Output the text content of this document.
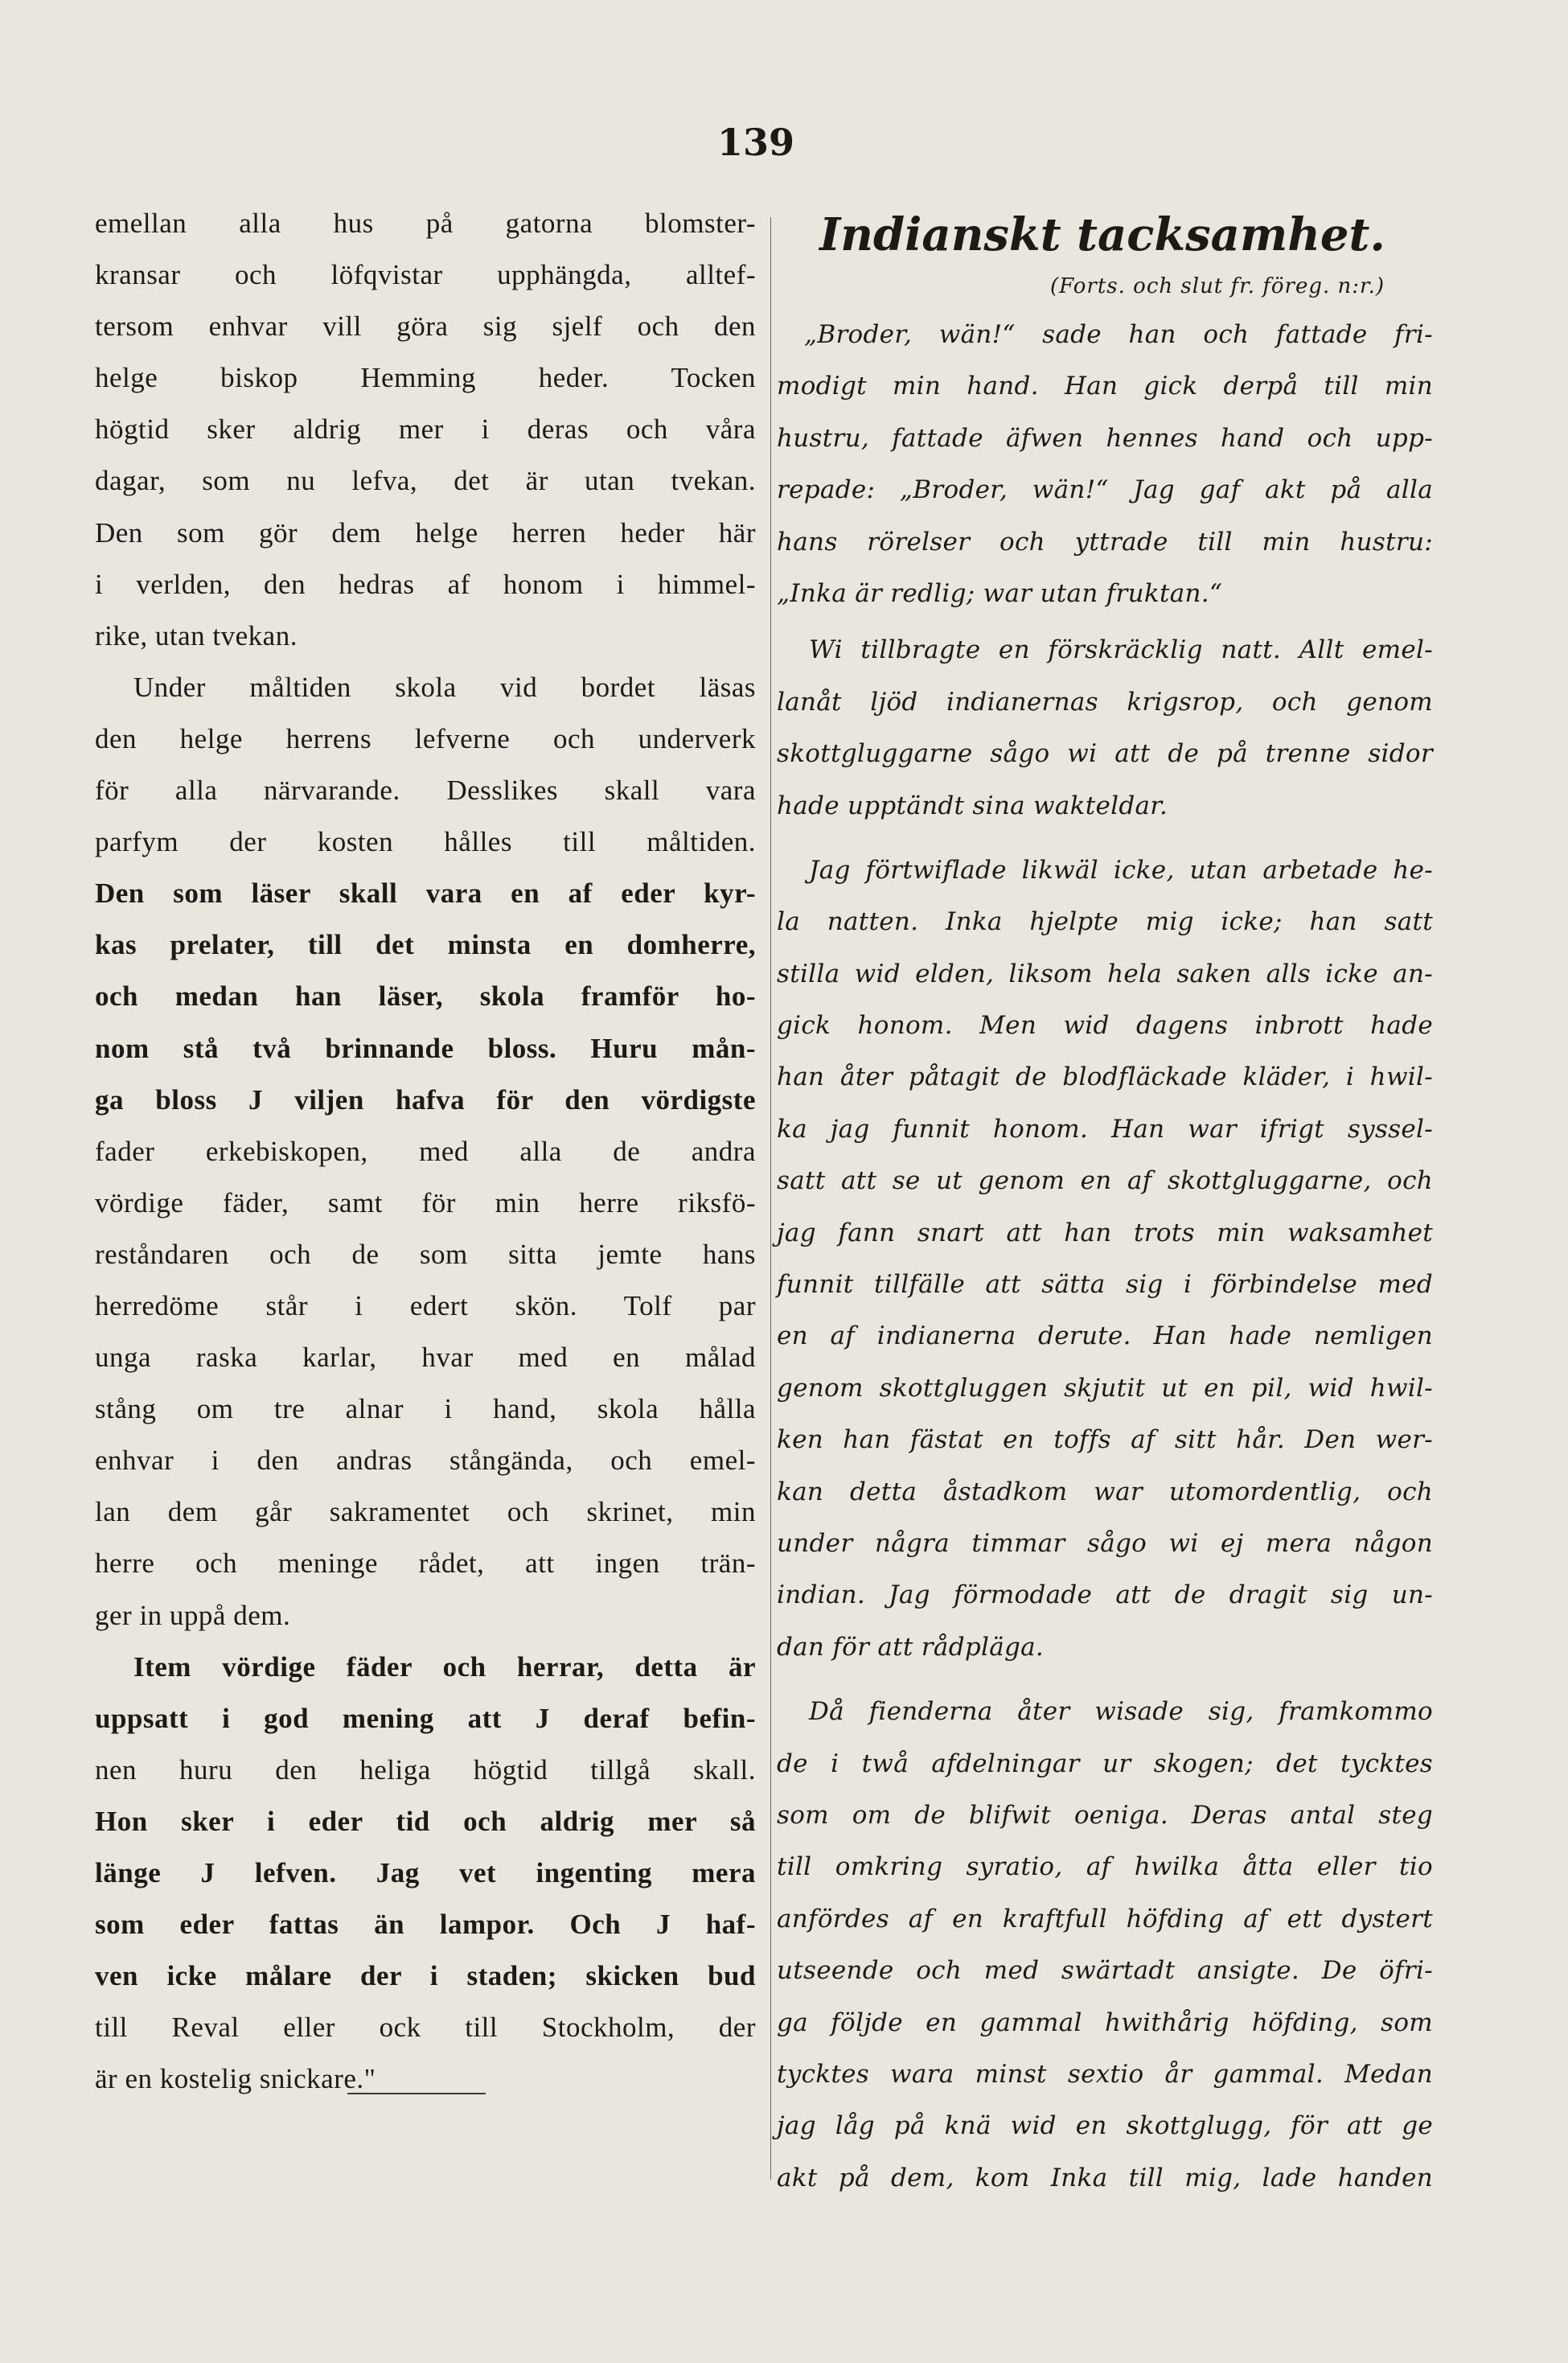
139
emellan alla hus på gatorna blomster-
kransar och löfqvistar upphängda, alltef-
tersom enhvar vill göra sig sjelf och den
helge biskop Hemming heder. Tocken
högtid sker aldrig mer i deras och våra
dagar, som nu lefva, det är utan tvekan.
Den som gör dem helge herren heder här
i verlden, den hedras af honom i himmel-
rike, utan tvekan.
Under måltiden skola vid bordet läsas
den helge herrens lefverne och underverk
för alla närvarande. Desslikes skall vara
parfym der kosten hålles till måltiden.
Den som läser skall vara en af eder kyr-
kas prelater, till det minsta en domherre,
och medan han läser, skola framför ho-
nom stå två brinnande bloss. Huru mån-
ga bloss J viljen hafva för den vördigste
fader erkebiskopen, med alla de andra
vördige fäder, samt för min herre riksfö-
reståndaren och de som sitta jemte hans
herredöme står i edert skön. Tolf par
unga raska karlar, hvar med en målad
stång om tre alnar i hand, skola hålla
enhvar i den andras stångända, och emel-
lan dem går sakramentet och skrinet, min
herre och meninge rådet, att ingen trän-
ger in uppå dem.
Item vördige fäder och herrar, detta är
uppsatt i god mening att J deraf befin-
nen huru den heliga högtid tillgå skall.
Hon sker i eder tid och aldrig mer så
länge J lefven. Jag vet ingenting mera
som eder fattas än lampor. Och J haf-
ven icke målare der i staden; skicken bud
till Reval eller ock till Stockholm, der
är en kostelig snickare."
Indianskt tacksamhet.
(Forts. och slut fr. föreg. n:r.)
„Broder, wän!“ sade han och fattade fri-
modigt min hand. Han gick derpå till min
hustru, fattade äfwen hennes hand och upp-
repade: „Broder, wän!“ Jag gaf akt på alla
hans rörelser och yttrade till min hustru:
„Inka är redlig; war utan fruktan.“
Wi tillbragte en förskräcklig natt. Allt emel-
lanåt ljöd indianernas krigsrop, och genom
skottgluggarne sågo wi att de på trenne sidor
hade upptändt sina wakteldar.
Jag förtwiflade likwäl icke, utan arbetade he-
la natten. Inka hjelpte mig icke; han satt
stilla wid elden, liksom hela saken alls icke an-
gick honom. Men wid dagens inbrott hade
han åter påtagit de blodfläckade kläder, i hwil-
ka jag funnit honom. Han war ifrigt syssel-
satt att se ut genom en af skottgluggarne, och
jag fann snart att han trots min waksamhet
funnit tillfälle att sätta sig i förbindelse med
en af indianerna derute. Han hade nemligen
genom skottgluggen skjutit ut en pil, wid hwil-
ken han fästat en toffs af sitt hår. Den wer-
kan detta åstadkom war utomordentlig, och
under några timmar sågo wi ej mera någon
indian. Jag förmodade att de dragit sig un-
dan för att rådpläga.
Då fienderna åter wisade sig, framkommo
de i twå afdelningar ur skogen; det tycktes
som om de blifwit oeniga. Deras antal steg
till omkring syratio, af hwilka åtta eller tio
anfördes af en kraftfull höfding af ett dystert
utseende och med swärtadt ansigte. De öfri-
ga följde en gammal hwithårig höfding, som
tycktes wara minst sextio år gammal. Medan
jag låg på knä wid en skottglugg, för att ge
akt på dem, kom Inka till mig, lade handen
